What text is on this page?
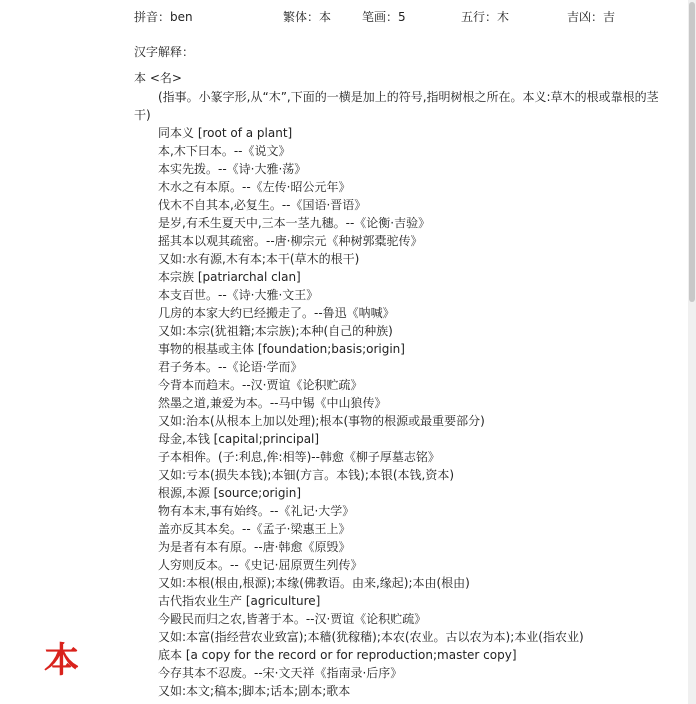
拼音：ben	繁体：本	笔画：5	五行：木	吉凶：吉
汉字解释：
本 <名>

(指事。小篆字形,从“木”,下面的一横是加上的符号,指明树根之所在。本义:草木的根或靠根的茎干)

同本义 [root of a plant]
本,木下曰本。--《说文》
本实先拨。--《诗·大雅·荡》
木水之有本原。--《左传·昭公元年》
伐木不自其本,必复生。--《国语·晋语》
是岁,有禾生夏天中,三本一茎九穗。--《论衡·吉验》
摇其本以观其疏密。--唐·柳宗元《种树郭橐驼传》
又如:水有源,木有本;本干(草木的根干)
本宗族 [patriarchal clan]
本支百世。--《诗·大雅·文王》
几房的本家大约已经搬走了。--鲁迅《呐喊》
又如:本宗(犹祖籍;本宗族);本种(自己的种族)
事物的根基或主体 [foundation;basis;origin]
君子务本。--《论语·学而》
今背本而趋末。--汉·贾谊《论积贮疏》
然墨之道,兼爱为本。--马中锡《中山狼传》
又如:治本(从根本上加以处理);根本(事物的根源或最重要部分)
母金,本钱 [capital;principal]
子本相侔。(子:利息,侔:相等)--韩愈《柳子厚墓志铭》
又如:亏本(损失本钱);本钿(方言。本钱);本银(本钱,资本)
根源,本源 [source;origin]
物有本末,事有始终。--《礼记·大学》
盖亦反其本矣。--《孟子·梁惠王上》
为是者有本有原。--唐·韩愈《原毁》
人穷则反本。--《史记·屈原贾生列传》
又如:本根(根由,根源);本缘(佛教语。由来,缘起);本由(根由)
古代指农业生产 [agriculture]
今毆民而归之农,皆著于本。--汉·贾谊《论积贮疏》
又如:本富(指经营农业致富);本穑(犹稼穑);本农(农业。古以农为本);本业(指农业)
底本 [a copy for the record or for reproduction;master copy]
今存其本不忍废。--宋·文天祥《指南录·后序》
又如:本文;稿本;脚本;话本;剧本;歌本
本
